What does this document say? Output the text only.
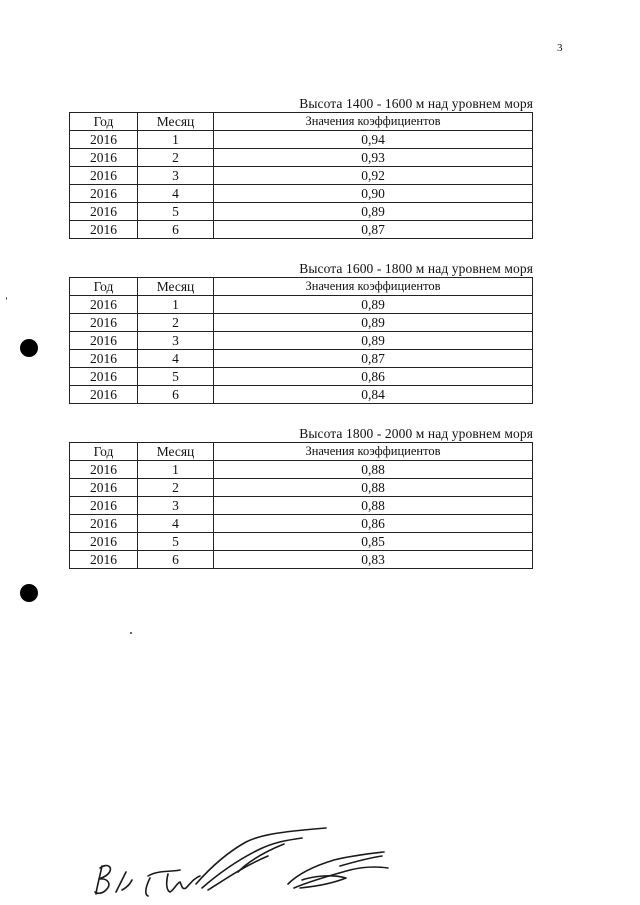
3
Высота 1400 - 1600 м над уровнем моря
Год	Месяц	Значения коэффициентов
2016	1	0,94
2016	2	0,93
2016	3	0,92
2016	4	0,90
2016	5	0,89
2016	6	0,87
Высота 1600 - 1800 м над уровнем моря
Год	Месяц	Значения коэффициентов
2016	1	0,89
2016	2	0,89
2016	3	0,89
2016	4	0,87
2016	5	0,86
2016	6	0,84
Высота 1800 - 2000 м над уровнем моря
Год	Месяц	Значения коэффициентов
2016	1	0,88
2016	2	0,88
2016	3	0,88
2016	4	0,86
2016	5	0,85
2016	6	0,83
